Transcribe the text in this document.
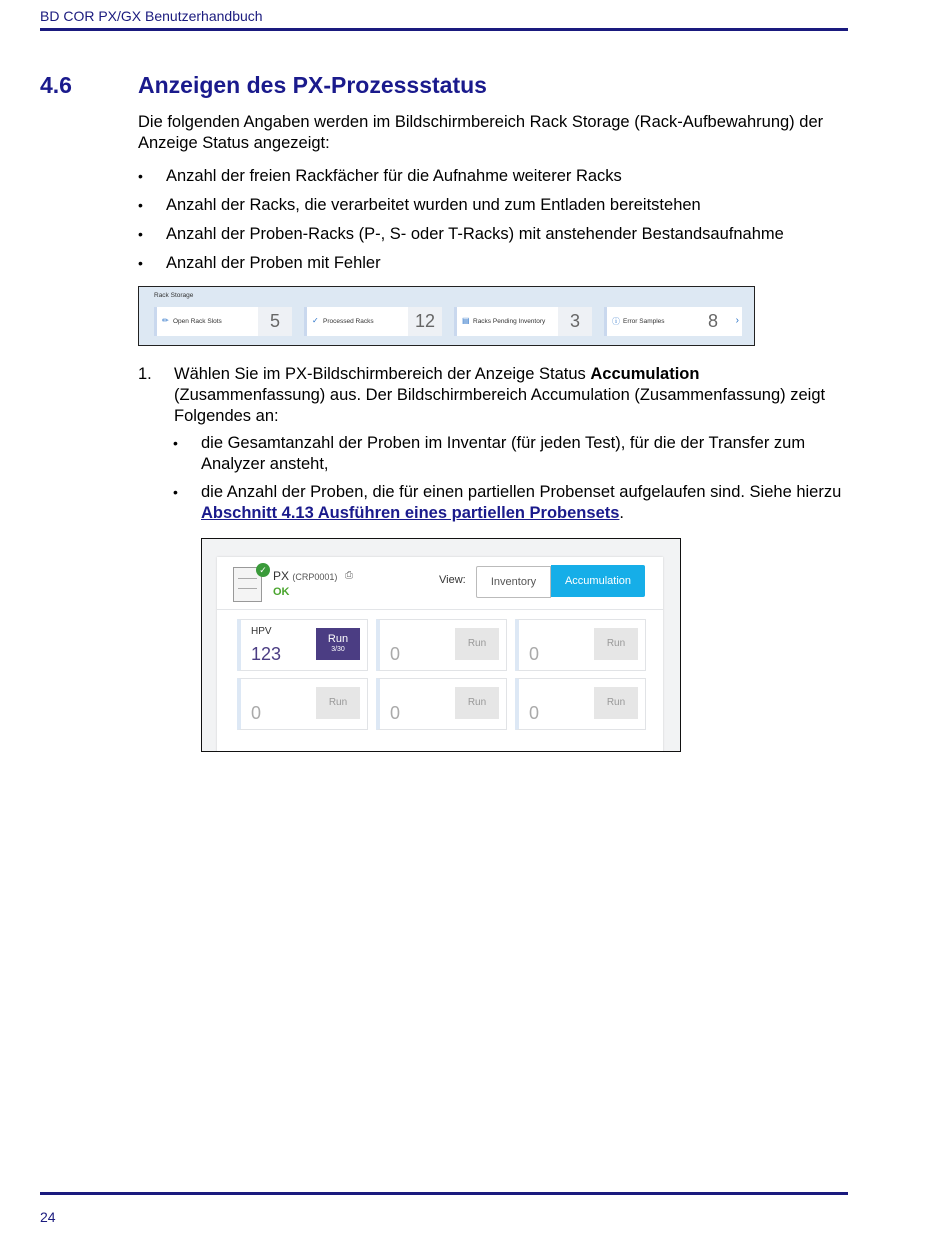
BD COR PX/GX Benutzerhandbuch
4.6	Anzeigen des PX-Prozessstatus
Die folgenden Angaben werden im Bildschirmbereich Rack Storage (Rack-Aufbewahrung) der Anzeige Status angezeigt:
• Anzahl der freien Rackfächer für die Aufnahme weiterer Racks
• Anzahl der Racks, die verarbeitet wurden und zum Entladen bereitstehen
• Anzahl der Proben-Racks (P-, S- oder T-Racks) mit anstehender Bestandsaufnahme
• Anzahl der Proben mit Fehler
Rack Storage
✏ Open Rack Slots	5	✓ Processed Racks	12	▤ Racks Pending Inventory	3	ⓘ Error Samples	8	›
1. Wählen Sie im PX-Bildschirmbereich der Anzeige Status Accumulation (Zusammenfassung) aus. Der Bildschirmbereich Accumulation (Zusammenfassung) zeigt Folgendes an:
• die Gesamtanzahl der Proben im Inventar (für jeden Test), für die der Transfer zum Analyzer ansteht,
• die Anzahl der Proben, die für einen partiellen Probenset aufgelaufen sind. Siehe hierzu Abschnitt 4.13 Ausführen eines partiellen Probensets.
✓ PX (CRP0001) ⎙
OK
View:	Inventory	Accumulation
HPV
123
Run
3/30	0
Run
0
Run
0
Run
0
Run
0
Run
24
